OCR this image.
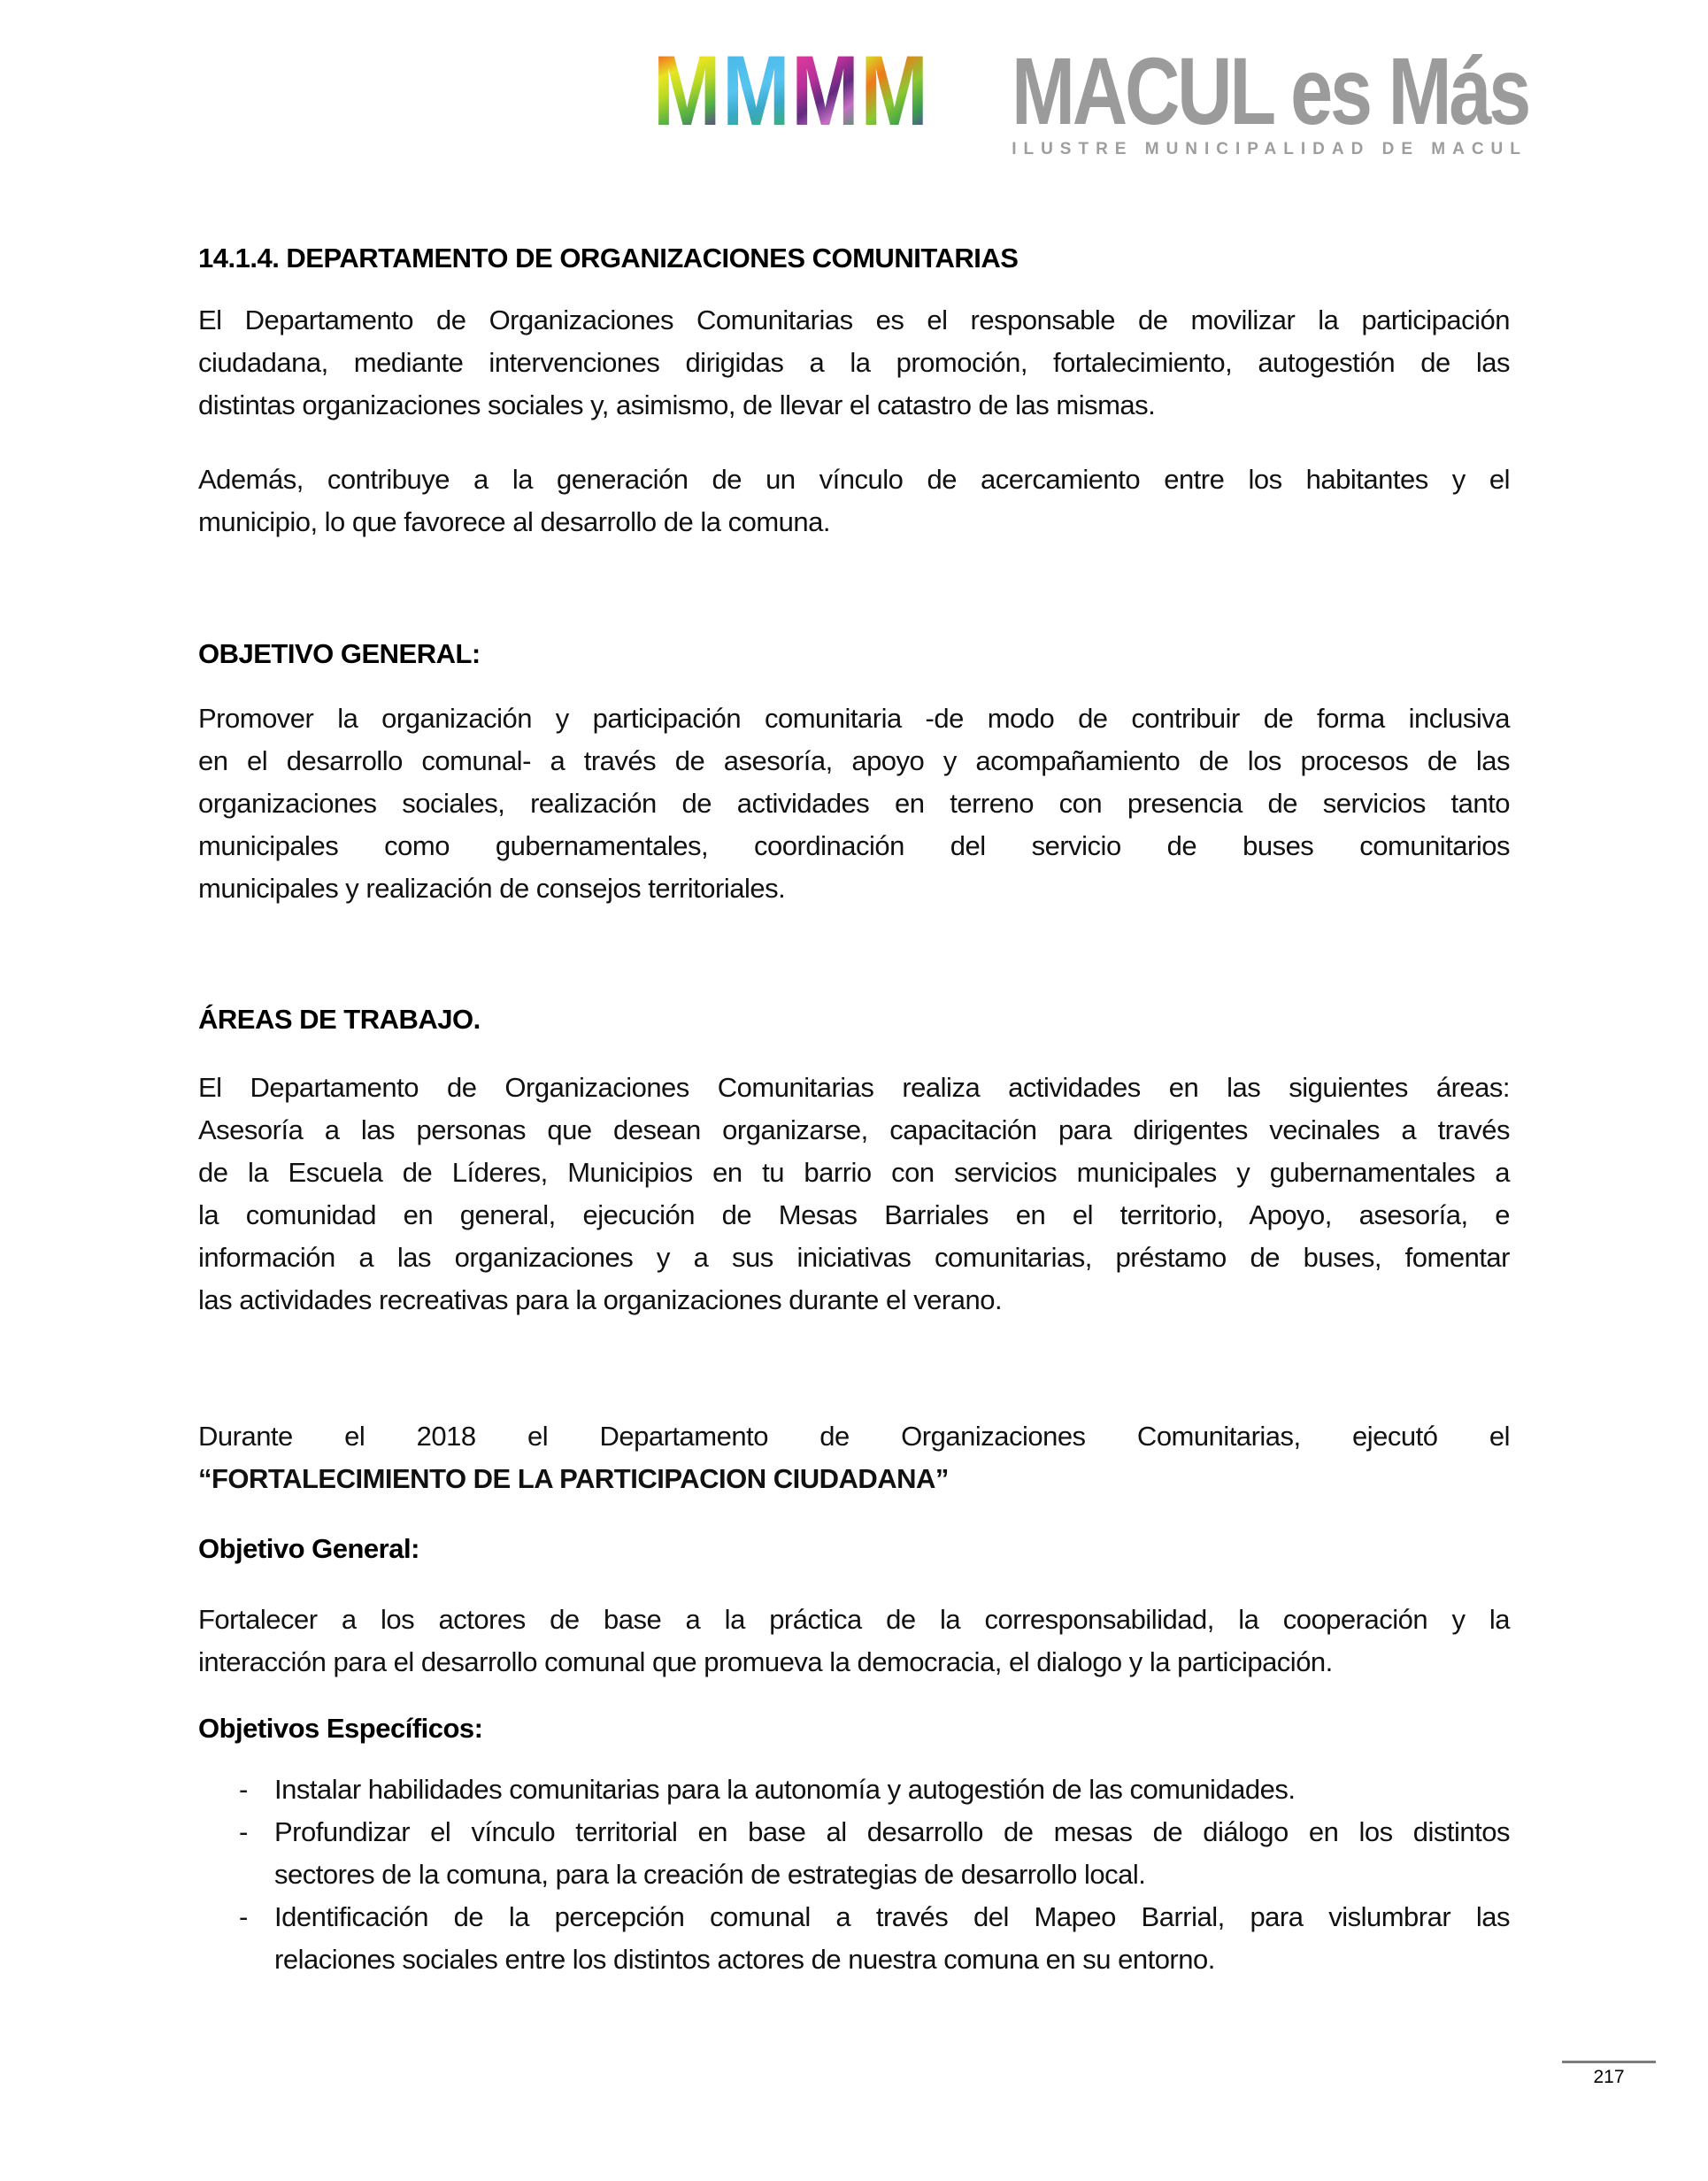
M M M M MACUL es Más
ILUSTRE MUNICIPALIDAD DE MACUL
14.1.4. DEPARTAMENTO DE ORGANIZACIONES COMUNITARIAS
El Departamento de Organizaciones Comunitarias es el responsable de movilizar la participación
ciudadana, mediante intervenciones dirigidas a la promoción, fortalecimiento, autogestión de las
distintas organizaciones sociales y, asimismo, de llevar el catastro de las mismas.
Además, contribuye a la generación de un vínculo de acercamiento entre los habitantes y el
municipio, lo que favorece al desarrollo de la comuna.
OBJETIVO GENERAL:
Promover la organización y participación comunitaria -de modo de contribuir de forma inclusiva
en el desarrollo comunal- a través de asesoría, apoyo y acompañamiento de los procesos de las
organizaciones sociales, realización de actividades en terreno con presencia de servicios tanto
municipales como gubernamentales, coordinación del servicio de buses comunitarios
municipales y realización de consejos territoriales.
ÁREAS DE TRABAJO.
El Departamento de Organizaciones Comunitarias realiza actividades en las siguientes áreas:
Asesoría a las personas que desean organizarse, capacitación para dirigentes vecinales a través
de la Escuela de Líderes, Municipios en tu barrio con servicios municipales y gubernamentales a
la comunidad en general, ejecución de Mesas Barriales en el territorio, Apoyo, asesoría, e
información a las organizaciones y a sus iniciativas comunitarias, préstamo de buses, fomentar
las actividades recreativas para la organizaciones durante el verano.
Durante el 2018 el Departamento de Organizaciones Comunitarias, ejecutó el
“FORTALECIMIENTO DE LA PARTICIPACION CIUDADANA”
Objetivo General:
Fortalecer a los actores de base a la práctica de la corresponsabilidad, la cooperación y la
interacción para el desarrollo comunal que promueva la democracia, el dialogo y la participación.
Objetivos Específicos:
- Instalar habilidades comunitarias para la autonomía y autogestión de las comunidades.
- Profundizar el vínculo territorial en base al desarrollo de mesas de diálogo en los distintos
sectores de la comuna, para la creación de estrategias de desarrollo local.
- Identificación de la percepción comunal a través del Mapeo Barrial, para vislumbrar las
relaciones sociales entre los distintos actores de nuestra comuna en su entorno.
217
